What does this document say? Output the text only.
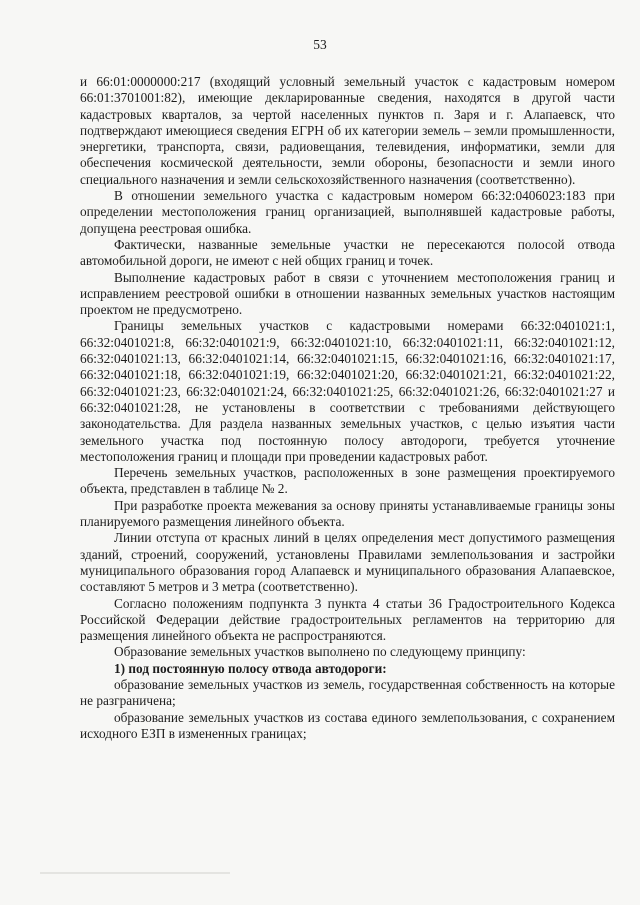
53

и 66:01:0000000:217 (входящий условный земельный участок с кадастровым номером 66:01:3701001:82), имеющие декларированные сведения, находятся в другой части кадастровых кварталов, за чертой населенных пунктов п. Заря и г. Алапаевск, что подтверждают имеющиеся сведения ЕГРН об их категории земель – земли промышленности, энергетики, транспорта, связи, радиовещания, телевидения, информатики, земли для обеспечения космической деятельности, земли обороны, безопасности и земли иного специального назначения и земли сельскохозяйственного назначения (соответственно).

В отношении земельного участка с кадастровым номером 66:32:0406023:183 при определении местоположения границ организацией, выполнявшей кадастровые работы, допущена реестровая ошибка.

Фактически, названные земельные участки не пересекаются полосой отвода автомобильной дороги, не имеют с ней общих границ и точек.

Выполнение кадастровых работ в связи с уточнением местоположения границ и исправлением реестровой ошибки в отношении названных земельных участков настоящим проектом не предусмотрено.

Границы земельных участков с кадастровыми номерами 66:32:0401021:1, 66:32:0401021:8, 66:32:0401021:9, 66:32:0401021:10, 66:32:0401021:11, 66:32:0401021:12, 66:32:0401021:13, 66:32:0401021:14, 66:32:0401021:15, 66:32:0401021:16, 66:32:0401021:17, 66:32:0401021:18, 66:32:0401021:19, 66:32:0401021:20, 66:32:0401021:21, 66:32:0401021:22, 66:32:0401021:23, 66:32:0401021:24, 66:32:0401021:25, 66:32:0401021:26, 66:32:0401021:27 и 66:32:0401021:28, не установлены в соответствии с требованиями действующего законодательства. Для раздела названных земельных участков, с целью изъятия части земельного участка под постоянную полосу автодороги, требуется уточнение местоположения границ и площади при проведении кадастровых работ.

Перечень земельных участков, расположенных в зоне размещения проектируемого объекта, представлен в таблице № 2.

При разработке проекта межевания за основу приняты устанавливаемые границы зоны планируемого размещения линейного объекта.

Линии отступа от красных линий в целях определения мест допустимого размещения зданий, строений, сооружений, установлены Правилами землепользования и застройки муниципального образования город Алапаевск и муниципального образования Алапаевское, составляют 5 метров и 3 метра (соответственно).

Согласно положениям подпункта 3 пункта 4 статьи 36 Градостроительного Кодекса Российской Федерации действие градостроительных регламентов на территорию для размещения линейного объекта не распространяются.

Образование земельных участков выполнено по следующему принципу:

1) под постоянную полосу отвода автодороги:

образование земельных участков из земель, государственная собственность на которые не разграничена;

образование земельных участков из состава единого землепользования, с сохранением исходного ЕЗП в измененных границах;
